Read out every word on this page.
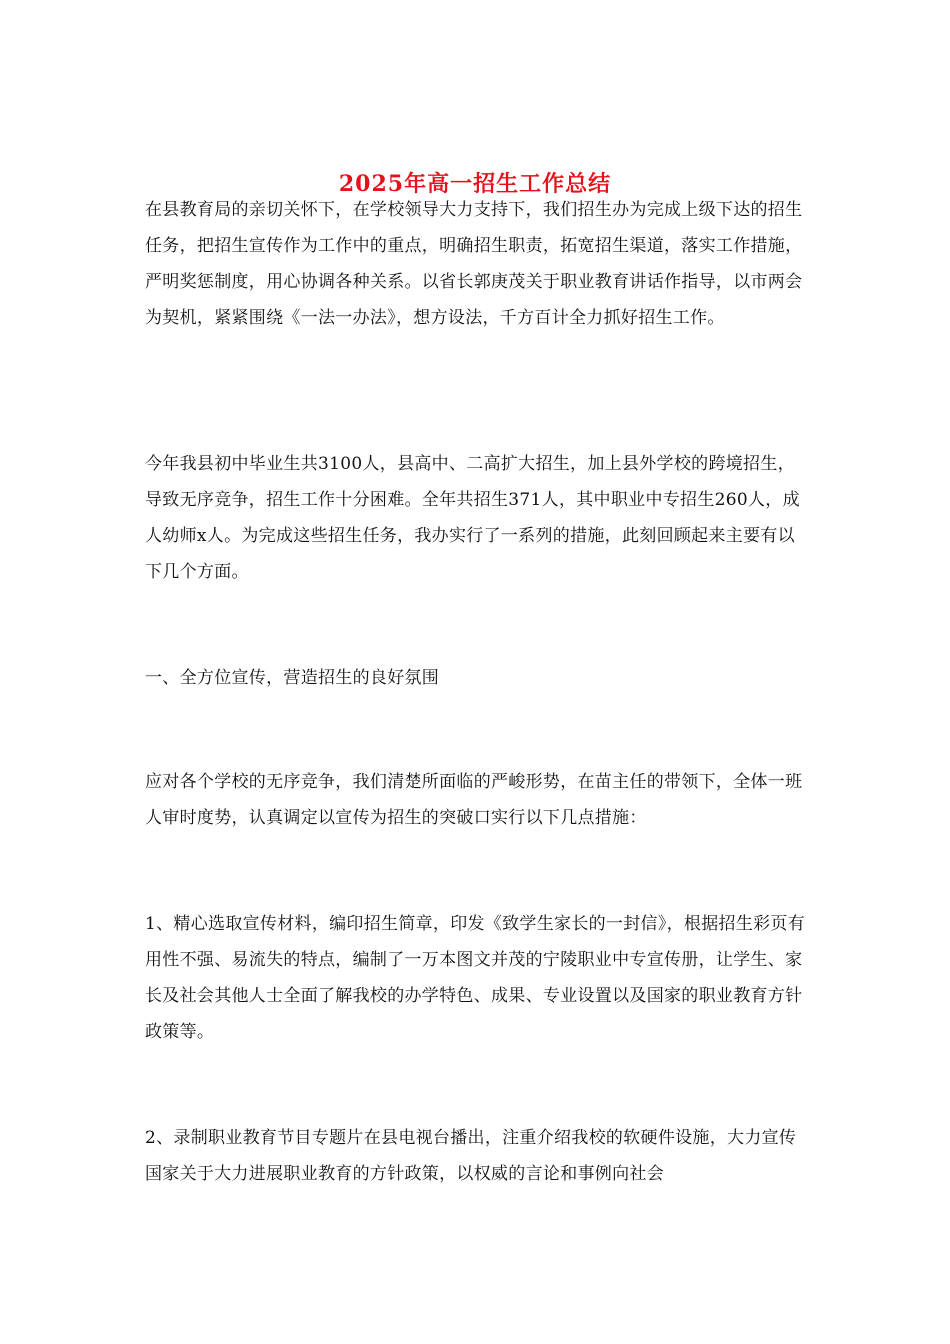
2025年高一招生工作总结

在县教育局的亲切关怀下，在学校领导大力支持下，我们招生办为完成上级下达的招生任务，把招生宣传作为工作中的重点，明确招生职责，拓宽招生渠道，落实工作措施，严明奖惩制度，用心协调各种关系。以省长郭庚茂关于职业教育讲话作指导，以市两会为契机，紧紧围绕《一法一办法》，想方设法，千方百计全力抓好招生工作。

今年我县初中毕业生共3100人，县高中、二高扩大招生，加上县外学校的跨境招生，导致无序竞争，招生工作十分困难。全年共招生371人，其中职业中专招生260人，成人幼师x人。为完成这些招生任务，我办实行了一系列的措施，此刻回顾起来主要有以下几个方面。

一、全方位宣传，营造招生的良好氛围

应对各个学校的无序竞争，我们清楚所面临的严峻形势，在苗主任的带领下，全体一班人审时度势，认真调定以宣传为招生的突破口实行以下几点措施：

1、精心选取宣传材料，编印招生简章，印发《致学生家长的一封信》，根据招生彩页有用性不强、易流失的特点，编制了一万本图文并茂的宁陵职业中专宣传册，让学生、家长及社会其他人士全面了解我校的办学特色、成果、专业设置以及国家的职业教育方针政策等。

2、录制职业教育节目专题片在县电视台播出，注重介绍我校的软硬件设施，大力宣传国家关于大力进展职业教育的方针政策，以权威的言论和事例向社会
